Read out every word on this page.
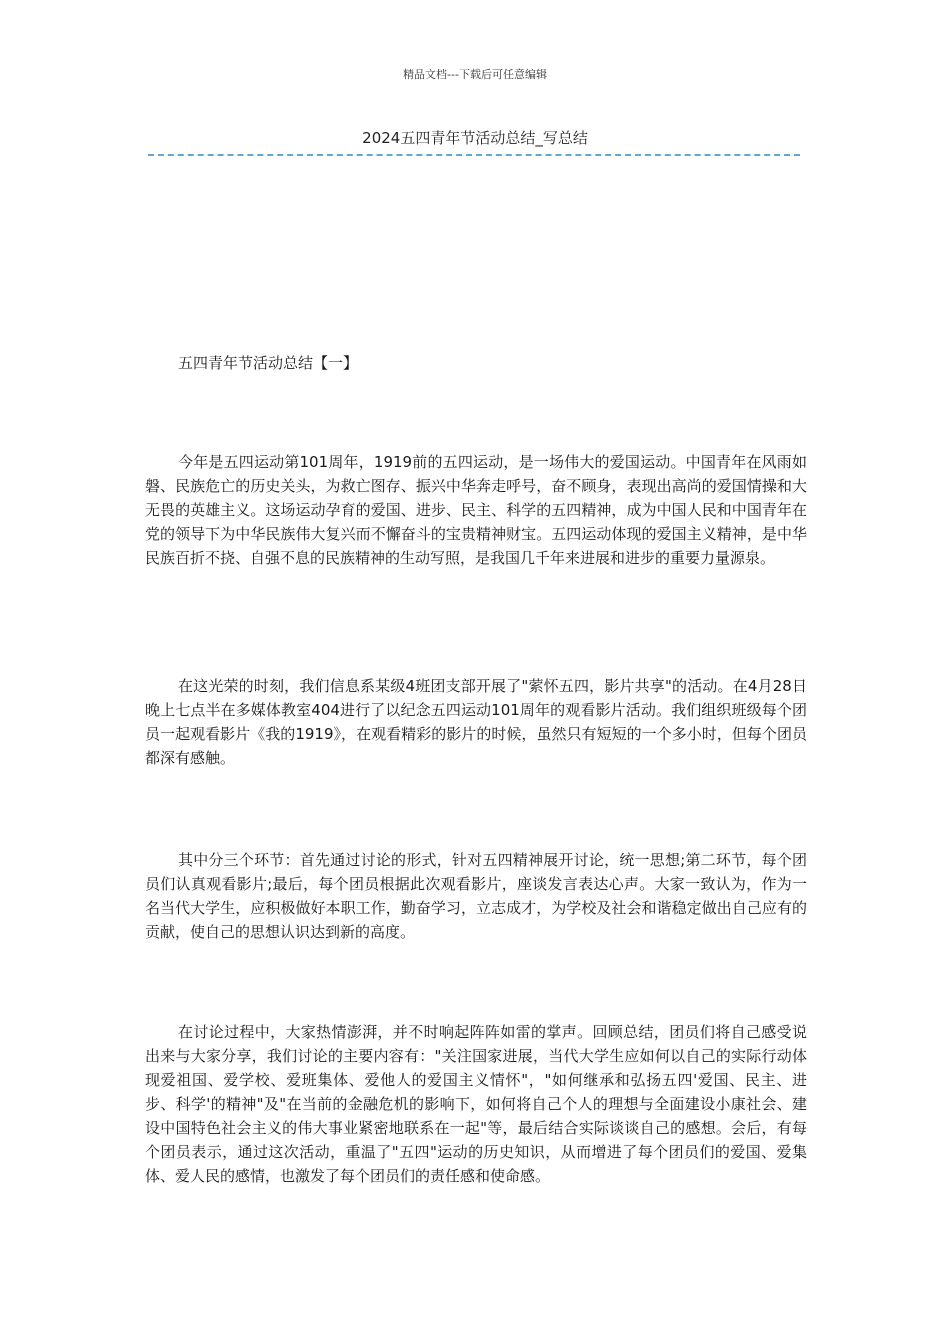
精品文档---下载后可任意编辑
2024五四青年节活动总结_写总结
五四青年节活动总结【一】

今年是五四运动第101周年，1919前的五四运动，是一场伟大的爱国运动。中国青年在风雨如磐、民族危亡的历史关头，为救亡图存、振兴中华奔走呼号，奋不顾身，表现出高尚的爱国情操和大无畏的英雄主义。这场运动孕育的爱国、进步、民主、科学的五四精神，成为中国人民和中国青年在党的领导下为中华民族伟大复兴而不懈奋斗的宝贵精神财宝。五四运动体现的爱国主义精神，是中华民族百折不挠、自强不息的民族精神的生动写照，是我国几千年来进展和进步的重要力量源泉。

在这光荣的时刻，我们信息系某级4班团支部开展了"萦怀五四，影片共享"的活动。在4月28日晚上七点半在多媒体教室404进行了以纪念五四运动101周年的观看影片活动。我们组织班级每个团员一起观看影片《我的1919》，在观看精彩的影片的时候，虽然只有短短的一个多小时，但每个团员都深有感触。

其中分三个环节：首先通过讨论的形式，针对五四精神展开讨论，统一思想;第二环节，每个团员们认真观看影片;最后，每个团员根据此次观看影片，座谈发言表达心声。大家一致认为，作为一名当代大学生，应积极做好本职工作，勤奋学习，立志成才，为学校及社会和谐稳定做出自己应有的贡献，使自己的思想认识达到新的高度。

在讨论过程中，大家热情澎湃，并不时响起阵阵如雷的掌声。回顾总结，团员们将自己感受说出来与大家分享，我们讨论的主要内容有："关注国家进展，当代大学生应如何以自己的实际行动体现爱祖国、爱学校、爱班集体、爱他人的爱国主义情怀"，"如何继承和弘扬五四'爱国、民主、进步、科学'的精神"及"在当前的金融危机的影响下，如何将自己个人的理想与全面建设小康社会、建设中国特色社会主义的伟大事业紧密地联系在一起"等，最后结合实际谈谈自己的感想。会后，有每个团员表示，通过这次活动，重温了"五四"运动的历史知识，从而增进了每个团员们的爱国、爱集体、爱人民的感情，也激发了每个团员们的责任感和使命感。
